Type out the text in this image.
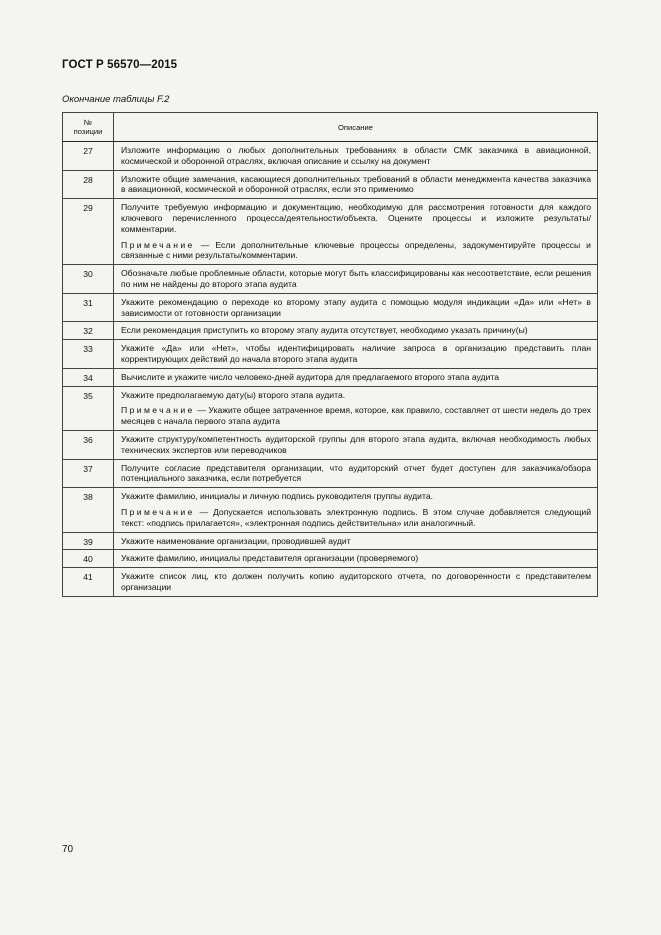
ГОСТ Р 56570—2015
Окончание таблицы F.2
№
позиции	Описание
27	Изложите информацию о любых дополнительных требованиях в области СМК заказчика в авиационной, космической и оборонной отраслях, включая описание и ссылку на документ

28	Изложите общие замечания, касающиеся дополнительных требований в области менеджмента качества заказчика в авиационной, космической и оборонной отраслях, если это применимо

29	Получите требуемую информацию и документацию, необходимую для рассмотрения готовности для каждого ключевого перечисленного процесса/деятельности/объекта. Оцените процессы и изложите результаты/комментарии.

Примечание — Если дополнительные ключевые процессы определены, задокументируйте процессы и связанные с ними результаты/комментарии.

30	Обозначьте любые проблемные области, которые могут быть классифицированы как несоответствие, если решения по ним не найдены до второго этапа аудита

31	Укажите рекомендацию о переходе ко второму этапу аудита с помощью модуля индикации «Да» или «Нет» в зависимости от готовности организации

32	Если рекомендация приступить ко второму этапу аудита отсутствует, необходимо указать причину(ы)

33	Укажите «Да» или «Нет», чтобы идентифицировать наличие запроса в организацию представить план корректирующих действий до начала второго этапа аудита

34	Вычислите и укажите число человеко-дней аудитора для предлагаемого второго этапа аудита

35	Укажите предполагаемую дату(ы) второго этапа аудита.

Примечание — Укажите общее затраченное время, которое, как правило, составляет от шести недель до трех месяцев с начала первого этапа аудита

36	Укажите структуру/компетентность аудиторской группы для второго этапа аудита, включая необходимость любых технических экспертов или переводчиков

37	Получите согласие представителя организации, что аудиторский отчет будет доступен для заказчика/обзора потенциального заказчика, если потребуется

38	Укажите фамилию, инициалы и личную подпись руководителя группы аудита.

Примечание — Допускается использовать электронную подпись. В этом случае добавляется следующий текст: «подпись прилагается», «электронная подпись действительна» или аналогичный.

39	Укажите наименование организации, проводившей аудит

40	Укажите фамилию, инициалы представителя организации (проверяемого)

41	Укажите список лиц, кто должен получить копию аудиторского отчета, по договоренности с представителем организации

70
